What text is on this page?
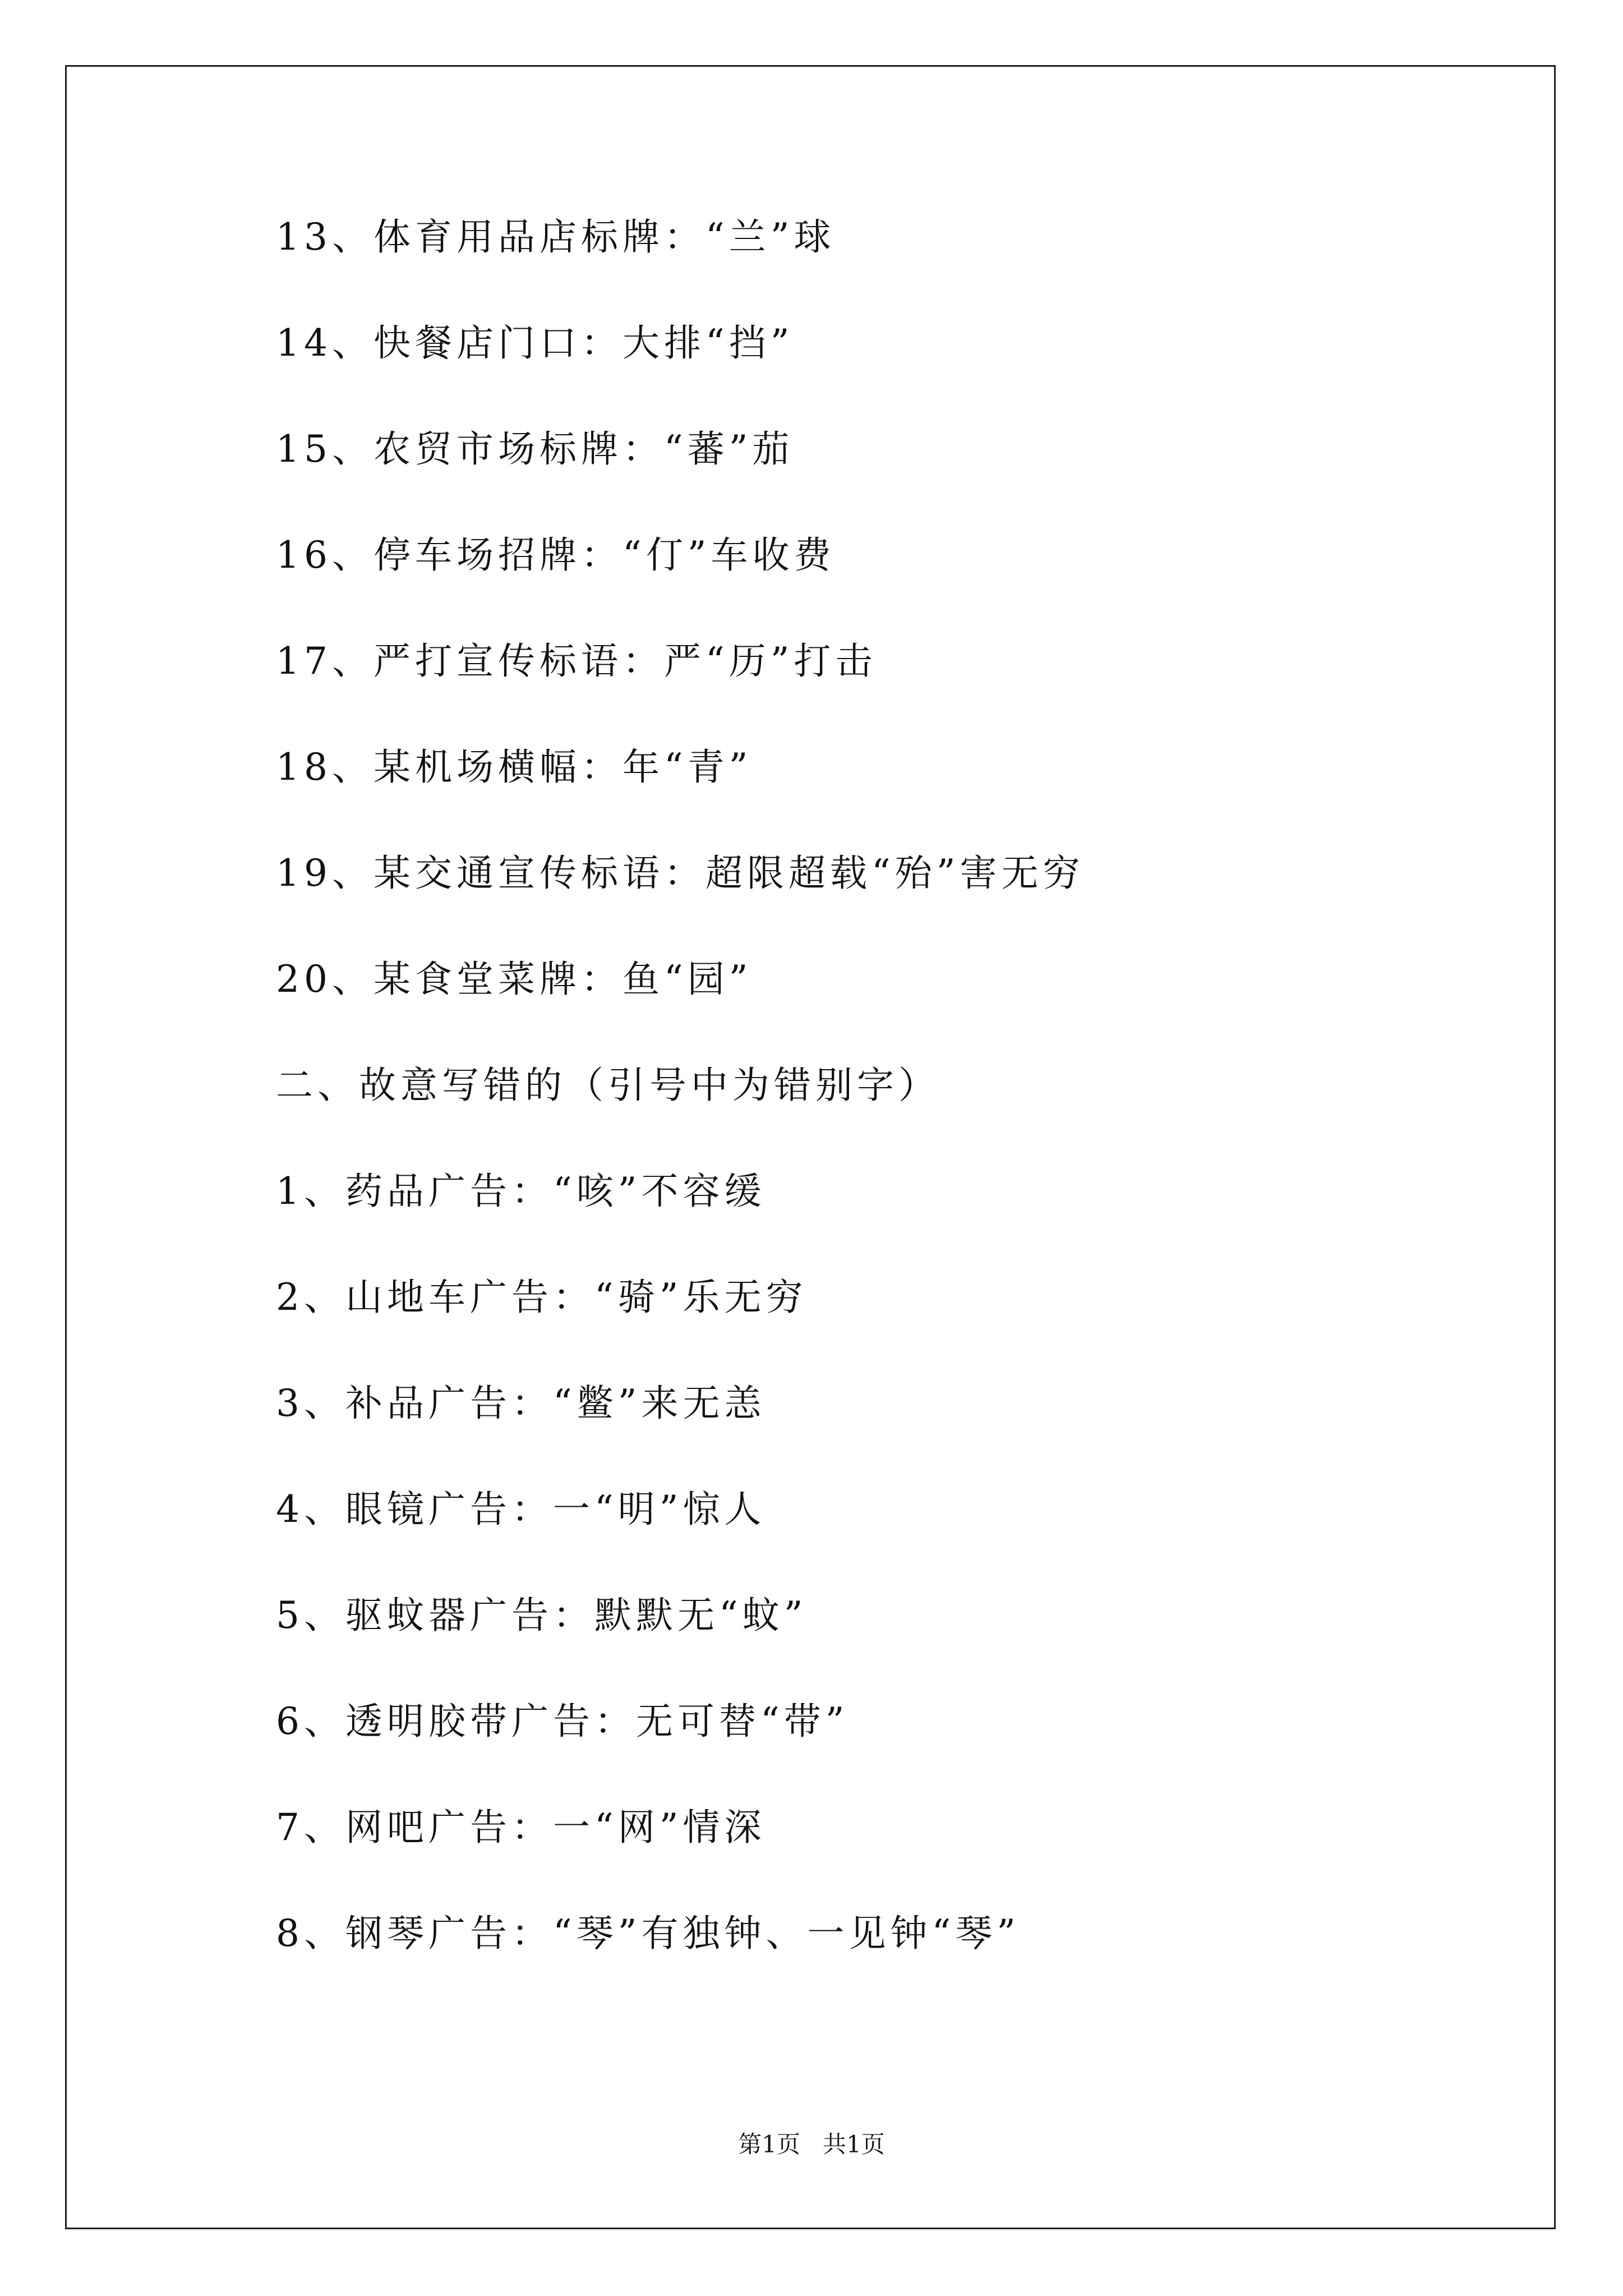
13、体育用品店标牌：“兰”球
14、快餐店门口：大排“挡”
15、农贸市场标牌：“蕃”茄
16、停车场招牌：“仃”车收费
17、严打宣传标语：严“历”打击
18、某机场横幅：年“青”
19、某交通宣传标语：超限超载“殆”害无穷
20、某食堂菜牌：鱼“园”
二、故意写错的（引号中为错别字）
1、药品广告：“咳”不容缓
2、山地车广告：“骑”乐无穷
3、补品广告：“鳖”来无恙
4、眼镜广告：一“明”惊人
5、驱蚊器广告：默默无“蚊”
6、透明胶带广告：无可替“带”
7、网吧广告：一“网”情深
8、钢琴广告：“琴”有独钟、一见钟“琴”
第1页 共1页
